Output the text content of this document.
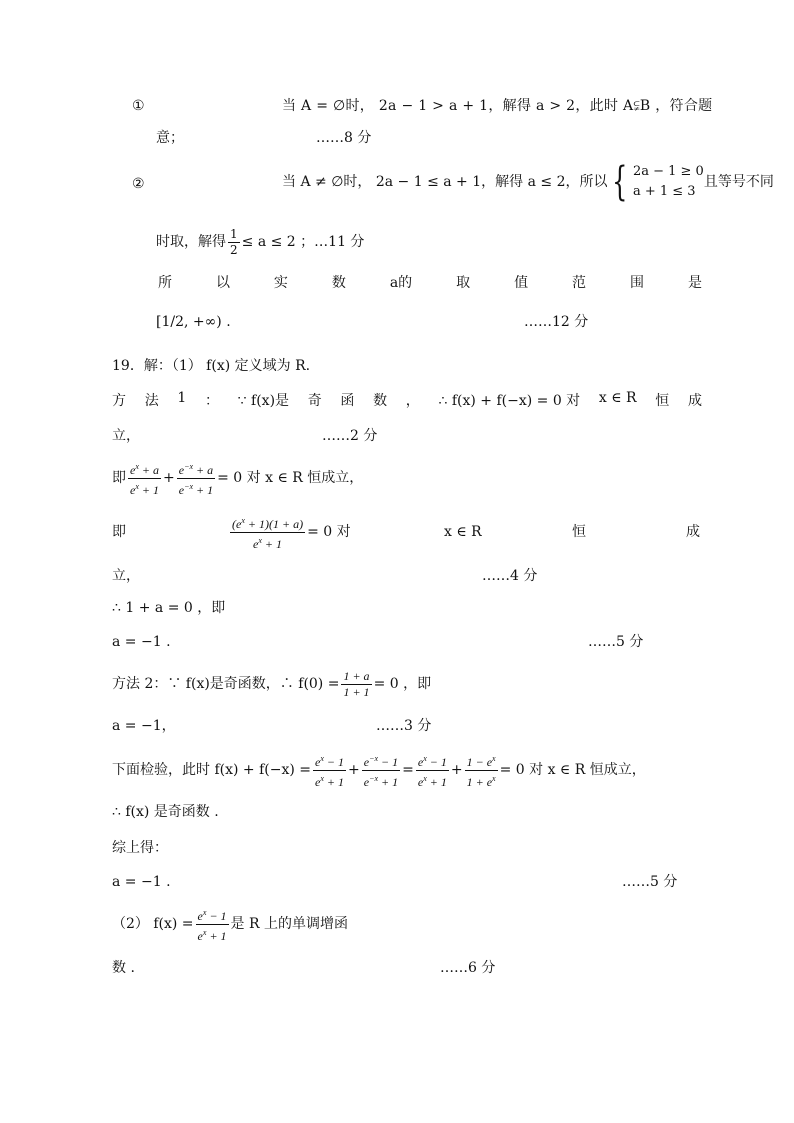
①	当 A = ∅时， 2a − 1 > a + 1，解得 a > 2，此时 A⫋B ，符合题
意；	……8 分
②	当 A ≠ ∅时， 2a − 1 ≤ a + 1，解得 a ≤ 2，所以 { 2a − 1 ≥ 0
a + 1 ≤ 3
且等号不同
时取，解得 $\frac{1}{2} \le a \le 2$ ；…11 分
所	以	实	数	a的	取	值	范	围	是
[1/2, +∞) .	……12 分
19．解：（1） f(x) 定义域为 R.
方 法 1 ： ∵ f(x)是 奇 函 数 ， ∴ f(x) + f(−x) = 0 对 x ∈ R 恒 成
立，	……2 分
即 $\frac{e^x + a}{e^x + 1} + \frac{e^{-x} + a}{e^{-x} + 1} = 0$ 对 x ∈ R 恒成立，
即	$\frac{(e^x + 1)(1 + a)}{e^x + 1} = 0$ 对	x ∈ R	恒	成
立，	……4 分
∴ 1 + a = 0 ，即
a = −1 .	……5 分
方法 2：∵ f(x)是奇函数，∴ $f(0) = \frac{1 + a}{1 + 1} = 0$ ，即
a = −1，	……3 分
下面检验，此时 $f(x) + f(-x) = \frac{e^x - 1}{e^x + 1} + \frac{e^{-x} - 1}{e^{-x} + 1} = \frac{e^x - 1}{e^x + 1} + \frac{1 - e^x}{1 + e^x} = 0$ 对 x ∈ R 恒成立，
∴ f(x) 是奇函数 .
综上得：
a = −1 .	……5 分
（2） $f(x) = \frac{e^x - 1}{e^x + 1}$ 是 R 上的单调增函
数 .	……6 分
